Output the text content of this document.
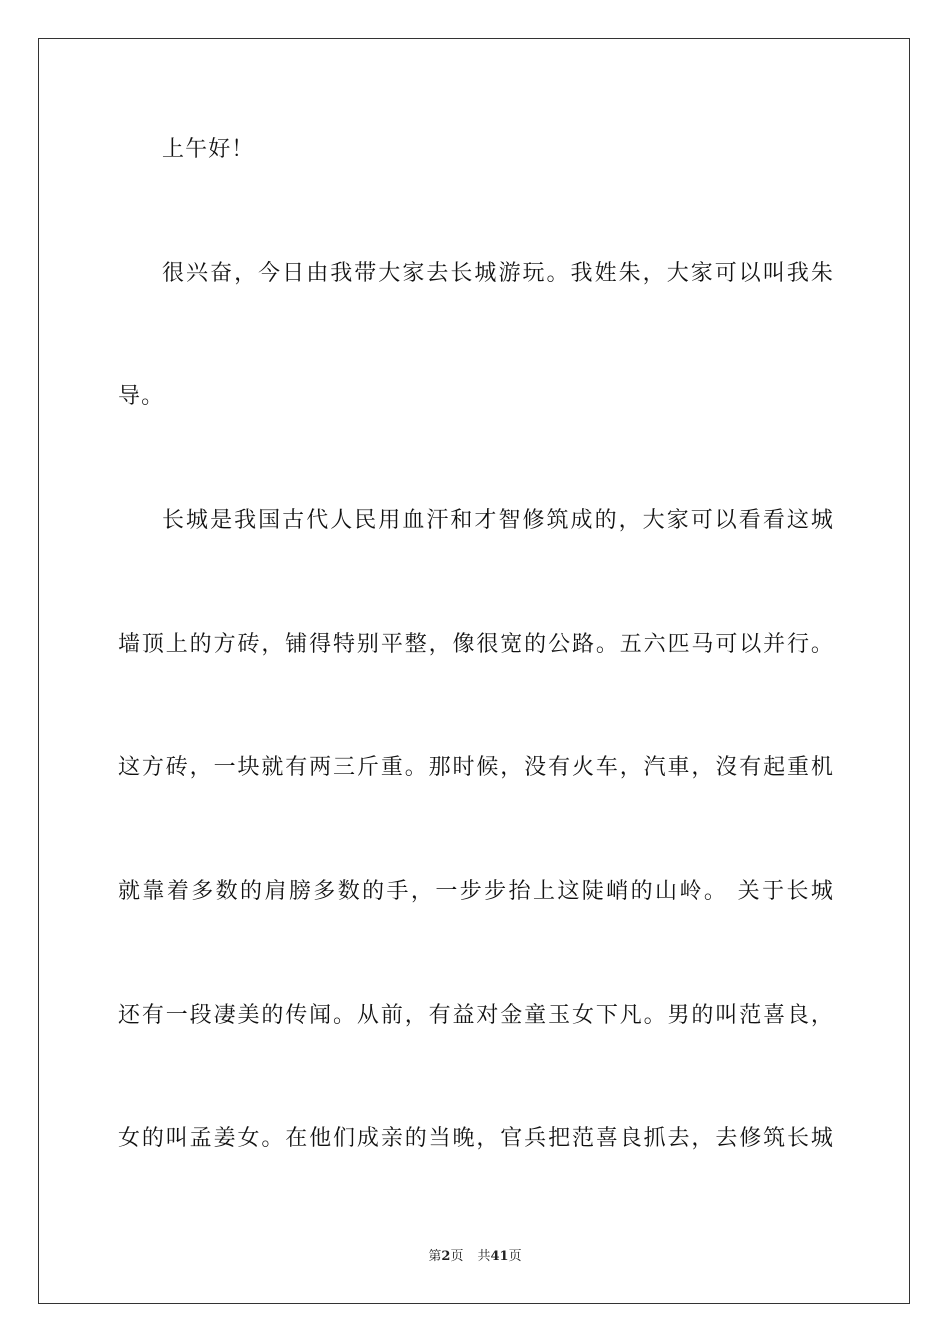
上午好！
很兴奋，今日由我带大家去长城游玩。我姓朱，大家可以叫我朱
导。
长城是我国古代人民用血汗和才智修筑成的，大家可以看看这城
墙顶上的方砖，铺得特别平整，像很宽的公路。五六匹马可以并行。
这方砖，一块就有两三斤重。那时候，没有火车，汽車，沒有起重机
就靠着多数的肩膀多数的手，一步步抬上这陡峭的山岭。 关于长城
还有一段凄美的传闻。从前，有益对金童玉女下凡。男的叫范喜良，
女的叫孟姜女。在他们成亲的当晚，官兵把范喜良抓去，去修筑长城
第2页 共41页
